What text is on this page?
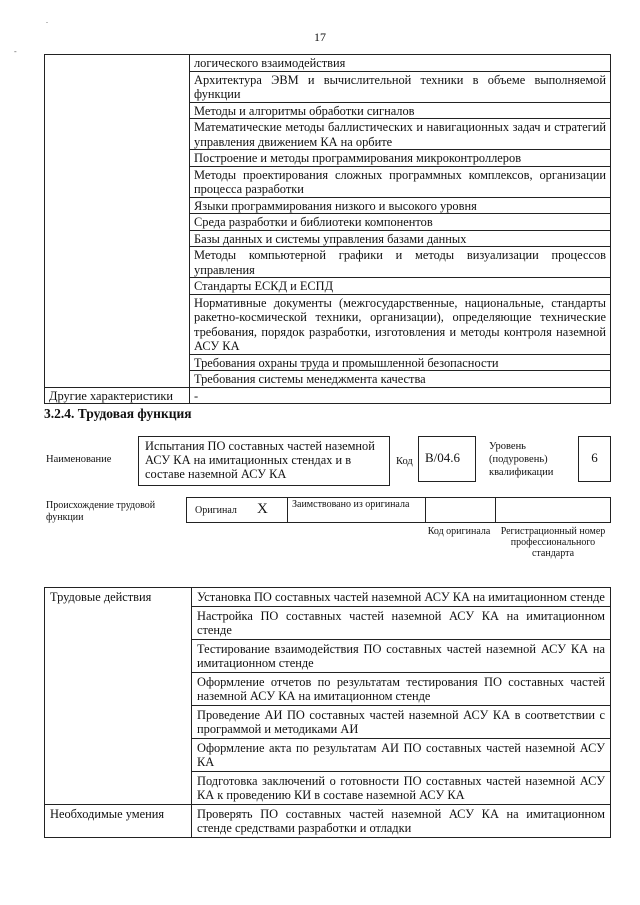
17
.
-
	логического взаимодействия
	Архитектура ЭВМ и вычислительной техники в объеме выполняемой функции
	Методы и алгоритмы обработки сигналов
	Математические методы баллистических и навигационных задач и стратегий управления движением КА на орбите
	Построение и методы программирования микроконтроллеров
	Методы проектирования сложных программных комплексов, организации процесса разработки
	Языки программирования низкого и высокого уровня
	Среда разработки и библиотеки компонентов
	Базы данных и системы управления базами данных
	Методы компьютерной графики и методы визуализации процессов управления
	Стандарты ЕСКД и ЕСПД
	Нормативные документы (межгосударственные, национальные, стандарты ракетно-космической техники, организации), определяющие технические требования, порядок разработки, изготовления и методы контроля наземной АСУ КА
	Требования охраны труда и промышленной безопасности
	Требования системы менеджмента качества
Другие характеристики	-
3.2.4. Трудовая функция
Наименование
Испытания ПО составных частей наземной АСУ КА на имитационных стендах и в составе наземной АСУ КА
Код B/04.6
Уровень (подуровень) квалификации
6
Происхождение трудовой функции
Оригинал X Заимствовано из оригинала
Код оригинала	Регистрационный номер профессионального стандарта
Трудовые действия	Установка ПО составных частей наземной АСУ КА на имитационном стенде
	Настройка ПО составных частей наземной АСУ КА на имитационном стенде
	Тестирование взаимодействия ПО составных частей наземной АСУ КА на имитационном стенде
	Оформление отчетов по результатам тестирования ПО составных частей наземной АСУ КА на имитационном стенде
	Проведение АИ ПО составных частей наземной АСУ КА в соответствии с программой и методиками АИ
	Оформление акта по результатам АИ ПО составных частей наземной АСУ КА
	Подготовка заключений о готовности ПО составных частей наземной АСУ КА к проведению КИ в составе наземной АСУ КА
Необходимые умения	Проверять ПО составных частей наземной АСУ КА на имитационном стенде средствами разработки и отладки
